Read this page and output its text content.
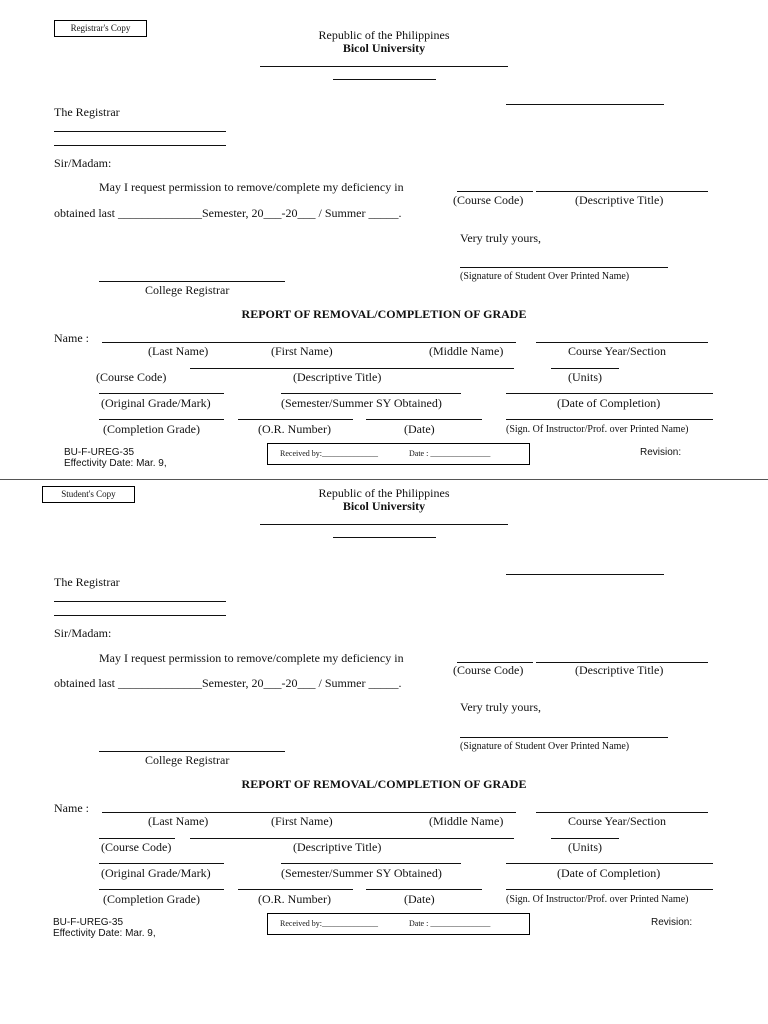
Registrar's Copy	Republic of the Philippines
Bicol University
The Registrar
Sir/Madam:
May I request permission to remove/complete my deficiency in
(Course Code)	(Descriptive Title)
obtained last ______________Semester, 20___-20___ / Summer _____.
Very truly yours,
(Signature of Student Over Printed Name)
College Registrar
REPORT OF REMOVAL/COMPLETION OF GRADE
Name :
(Last Name)	(First Name)	(Middle Name)	Course Year/Section
(Course Code)	(Descriptive Title)	(Units)
(Original Grade/Mark)	(Semester/Summer SY Obtained)	(Date of Completion)
(Completion Grade)	(O.R. Number)	(Date)	(Sign. Of Instructor/Prof. over Printed Name)
BU-F-UREG-35
Effectivity Date: Mar. 9,
Received by:______________	Date : _______________	Revision:
Student's Copy	Republic of the Philippines
Bicol University
The Registrar
Sir/Madam:
May I request permission to remove/complete my deficiency in
(Course Code)	(Descriptive Title)
obtained last ______________Semester, 20___-20___ / Summer _____.
Very truly yours,
(Signature of Student Over Printed Name)
College Registrar
REPORT OF REMOVAL/COMPLETION OF GRADE
Name :
(Last Name)	(First Name)	(Middle Name)	Course Year/Section
(Course Code)	(Descriptive Title)	(Units)
(Original Grade/Mark)	(Semester/Summer SY Obtained)	(Date of Completion)
(Completion Grade)	(O.R. Number)	(Date)	(Sign. Of Instructor/Prof. over Printed Name)
BU-F-UREG-35
Effectivity Date: Mar. 9,
Received by:______________	Date : _______________	Revision:
